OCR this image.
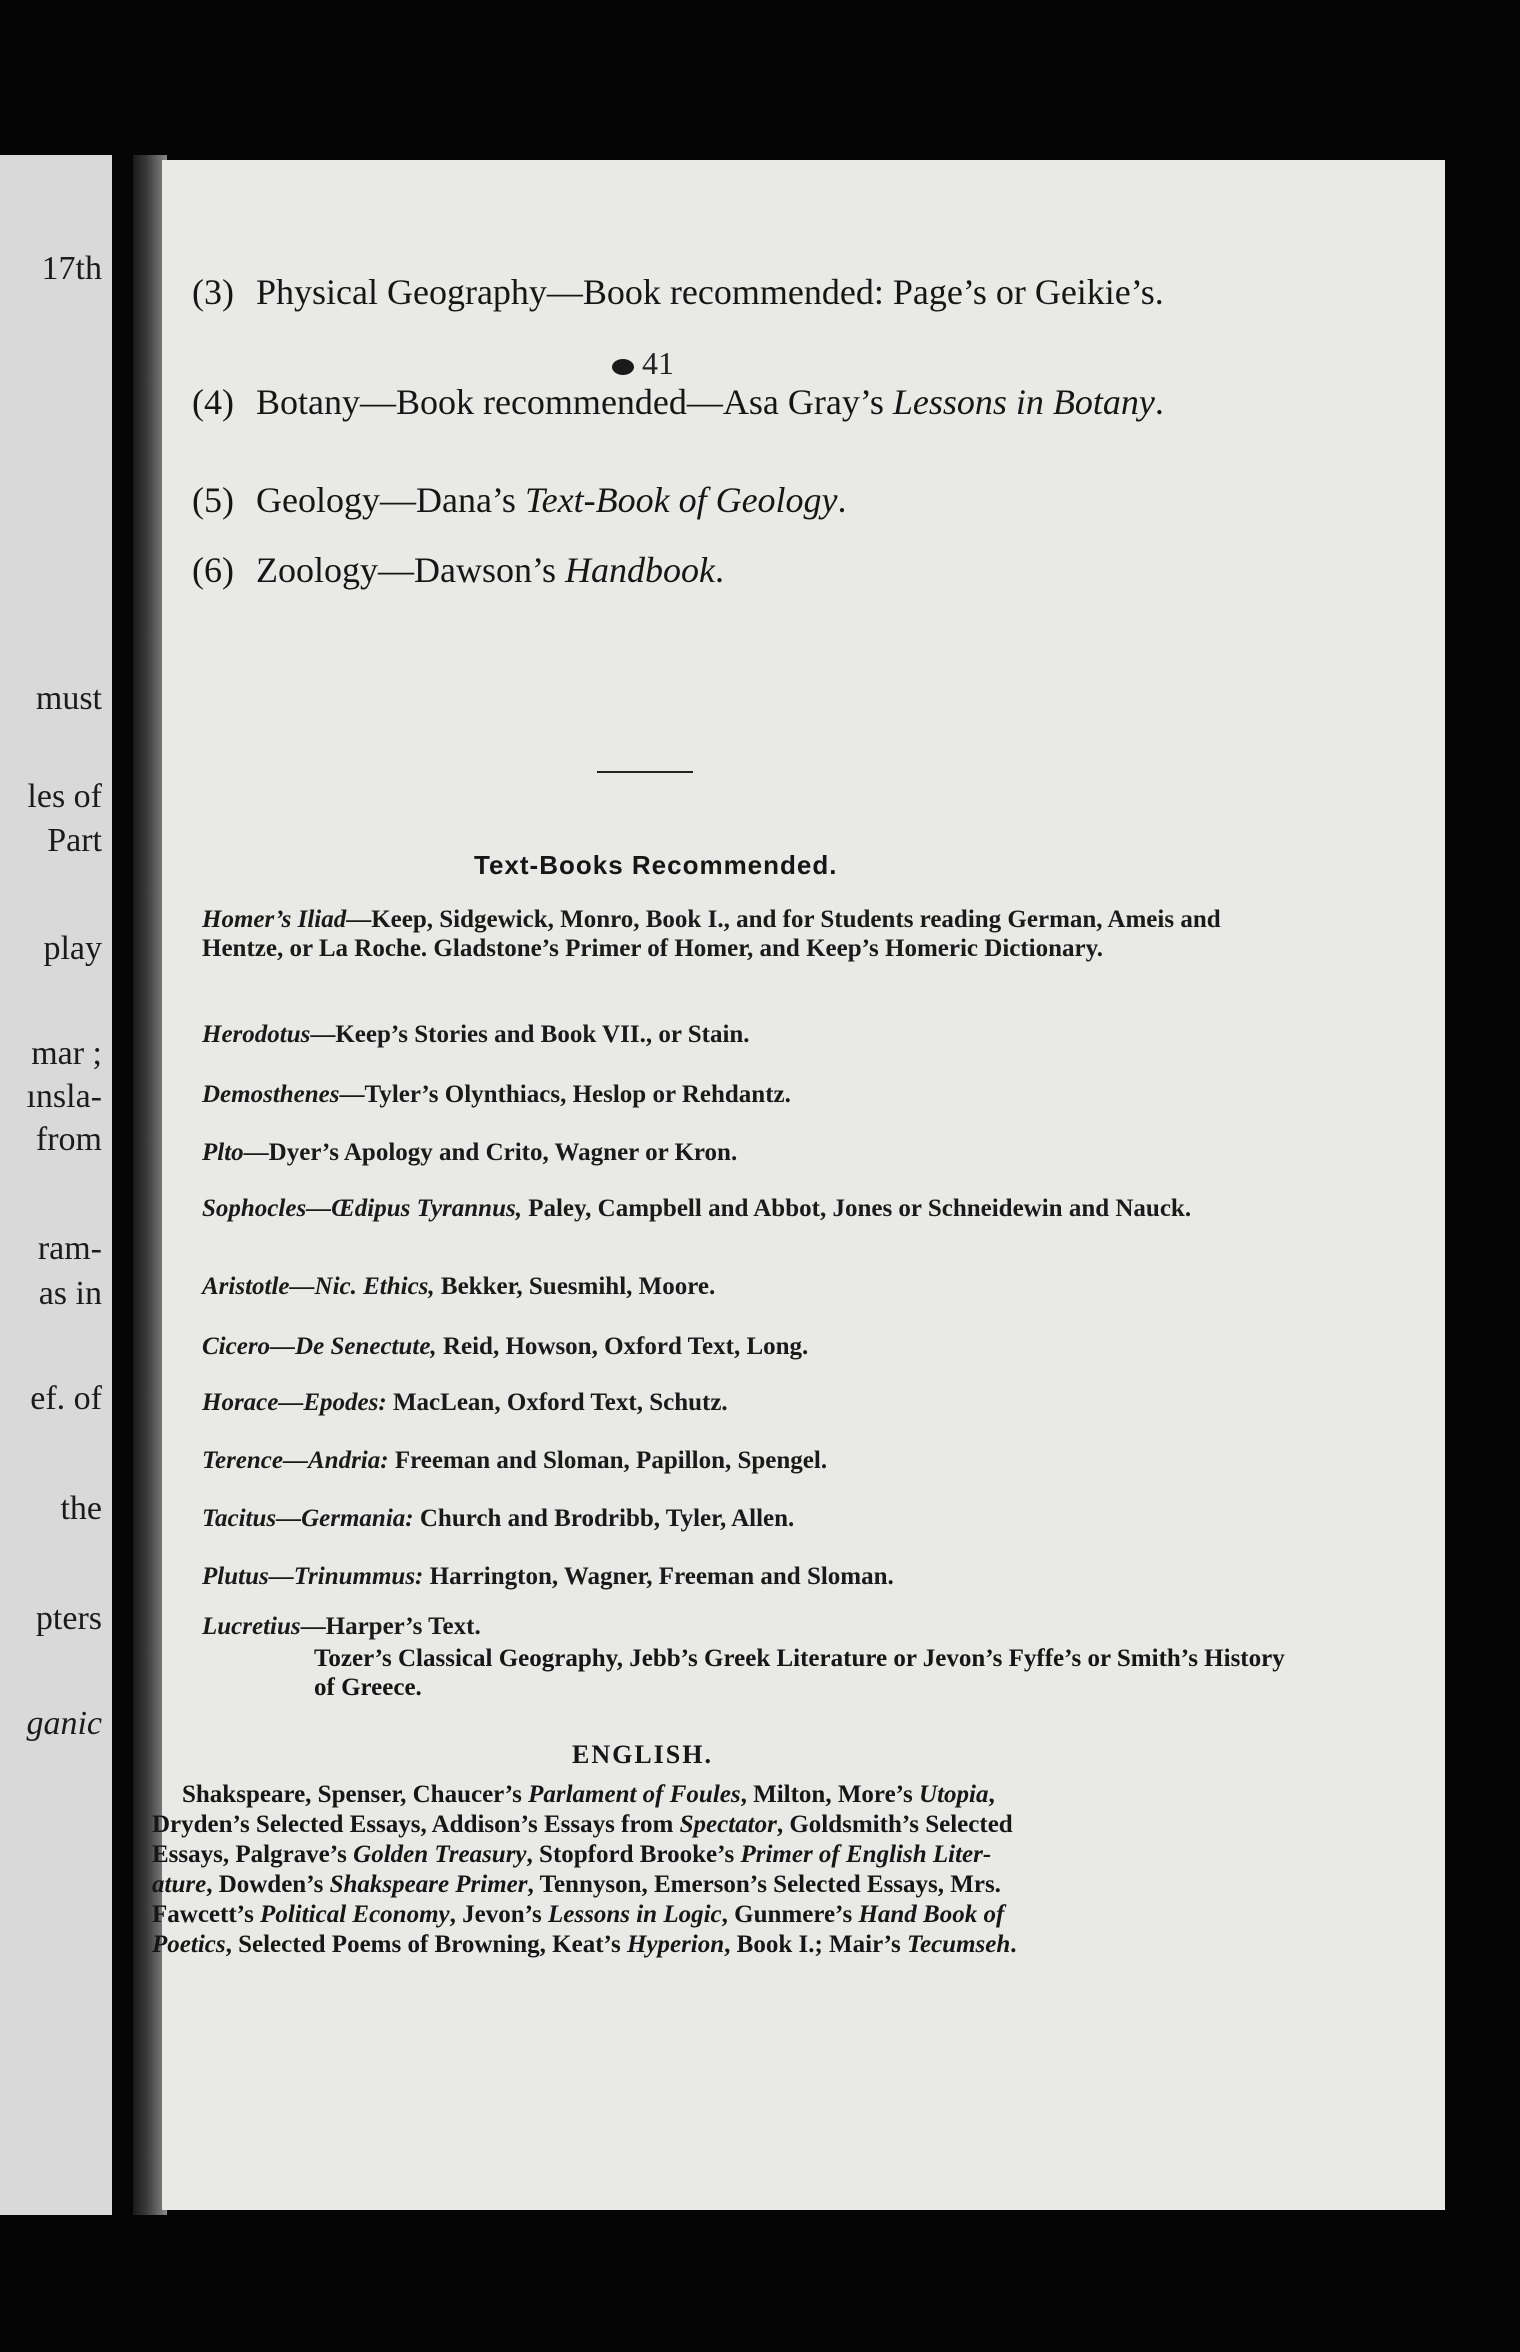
17th
must
les of
Part
play
mar ;
ınsla-
from
ram-
as in
ef. of
the
pters
ganic
41
(3) Physical Geography—Book recommended: Page’s or Geikie’s.
(4) Botany—Book recommended—Asa Gray’s Lessons in Botany.
(5) Geology—Dana’s Text-Book of Geology.
(6) Zoology—Dawson’s Handbook.
Text-Books Recommended.
Homer’s Iliad—Keep, Sidgewick, Monro, Book I., and for Students reading German, Ameis and Hentze, or La Roche. Gladstone’s Primer of Homer, and Keep’s Homeric Dictionary.
Herodotus—Keep’s Stories and Book VII., or Stain.
Demosthenes—Tyler’s Olynthiacs, Heslop or Rehdantz.
Plto—Dyer’s Apology and Crito, Wagner or Kron.
Sophocles—Œdipus Tyrannus, Paley, Campbell and Abbot, Jones or Schneidewin and Nauck.
Aristotle—Nic. Ethics, Bekker, Suesmihl, Moore.
Cicero—De Senectute, Reid, Howson, Oxford Text, Long.
Horace—Epodes: MacLean, Oxford Text, Schutz.
Terence—Andria: Freeman and Sloman, Papillon, Spengel.
Tacitus—Germania: Church and Brodribb, Tyler, Allen.
Plutus—Trinummus: Harrington, Wagner, Freeman and Sloman.
Lucretius—Harper’s Text.
Tozer’s Classical Geography, Jebb’s Greek Literature or Jevon’s Fyffe’s or Smith’s History of Greece.
ENGLISH.
Shakspeare, Spenser, Chaucer’s Parlament of Foules, Milton, More’s Utopia,
Dryden’s Selected Essays, Addison’s Essays from Spectator, Goldsmith’s Selected
Essays, Palgrave’s Golden Treasury, Stopford Brooke’s Primer of English Liter-
ature, Dowden’s Shakspeare Primer, Tennyson, Emerson’s Selected Essays, Mrs.
Fawcett’s Political Economy, Jevon’s Lessons in Logic, Gunmere’s Hand Book of
Poetics, Selected Poems of Browning, Keat’s Hyperion, Book I.; Mair’s Tecumseh.
